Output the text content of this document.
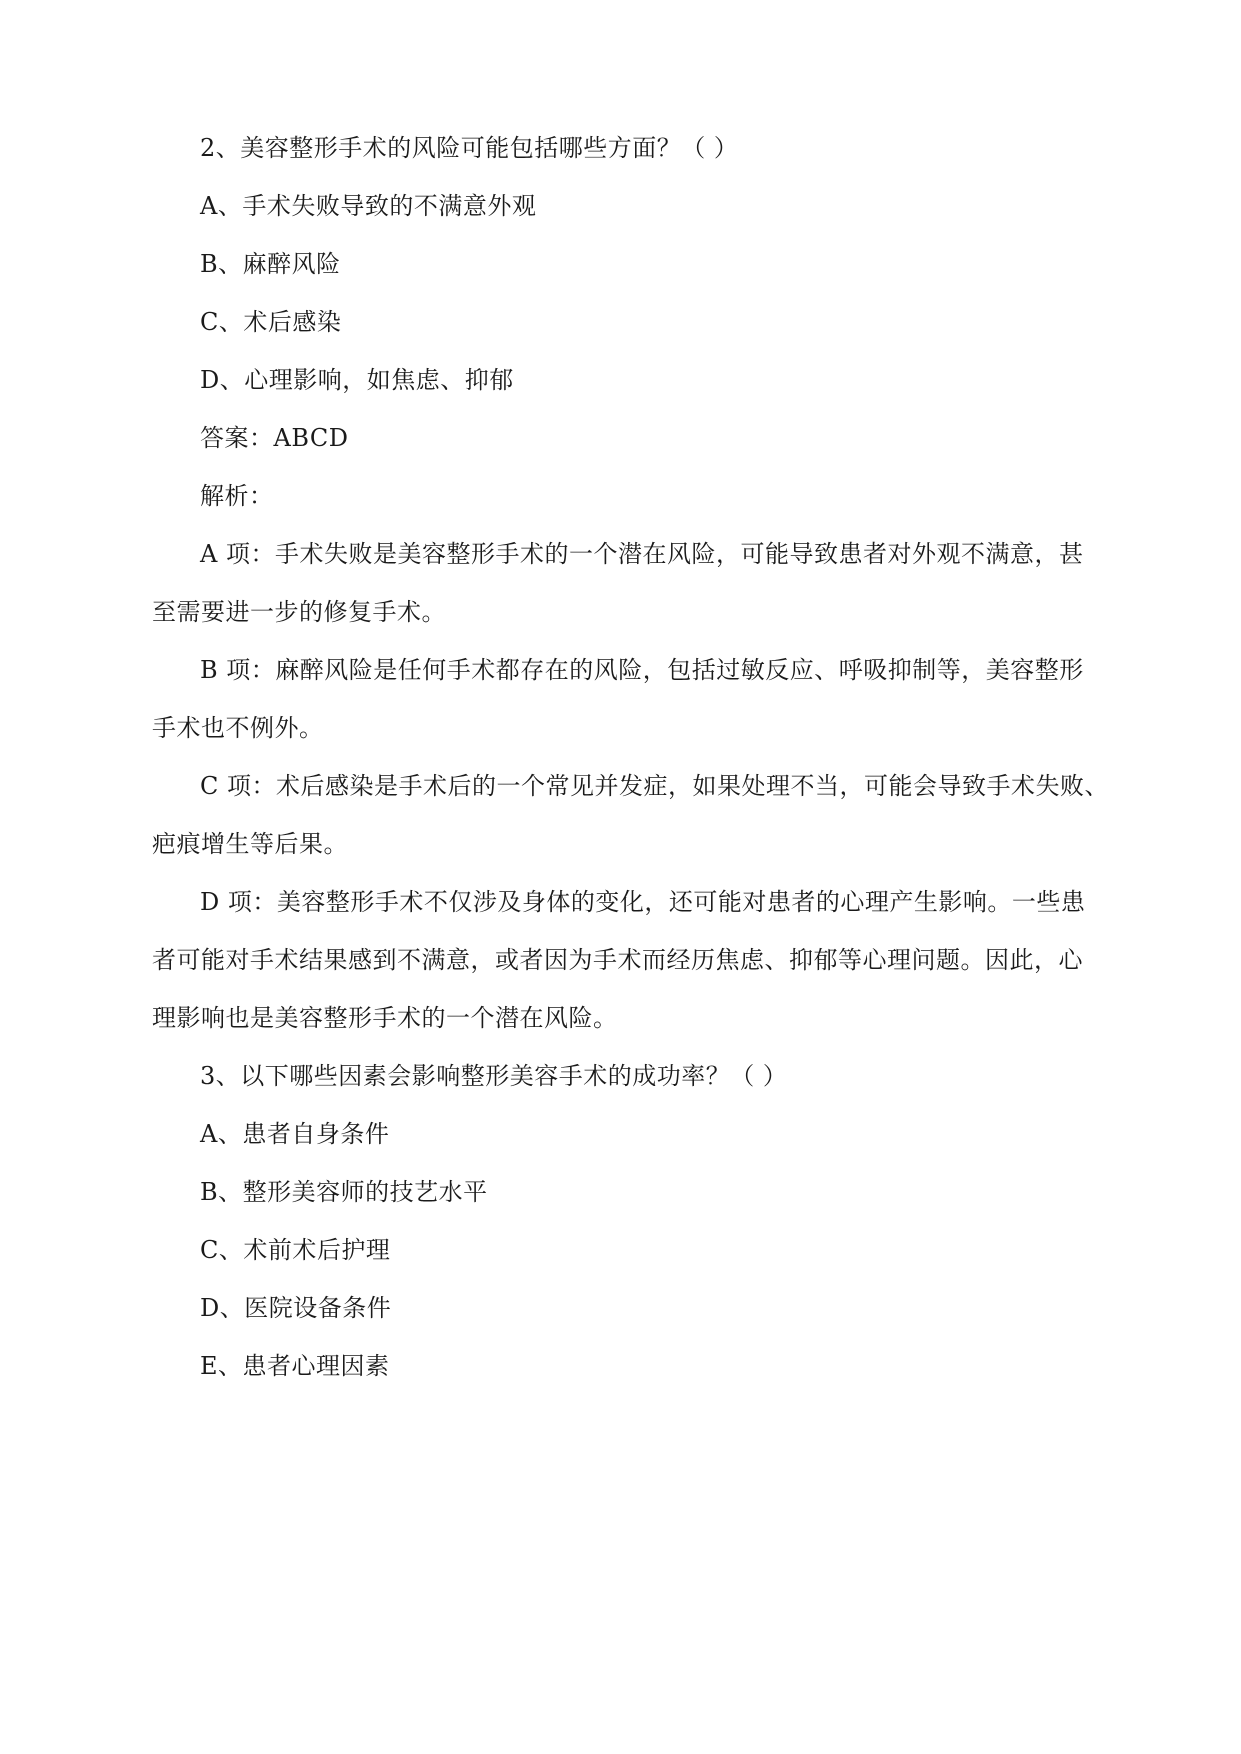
2、美容整形手术的风险可能包括哪些方面？（ ）
A、手术失败导致的不满意外观
B、麻醉风险
C、术后感染
D、心理影响，如焦虑、抑郁
答案：ABCD
解析：
A 项：手术失败是美容整形手术的一个潜在风险，可能导致患者对外观不满意，甚
至需要进一步的修复手术。
B 项：麻醉风险是任何手术都存在的风险，包括过敏反应、呼吸抑制等，美容整形
手术也不例外。
C 项：术后感染是手术后的一个常见并发症，如果处理不当，可能会导致手术失败、
疤痕增生等后果。
D 项：美容整形手术不仅涉及身体的变化，还可能对患者的心理产生影响。一些患
者可能对手术结果感到不满意，或者因为手术而经历焦虑、抑郁等心理问题。因此，心
理影响也是美容整形手术的一个潜在风险。
3、以下哪些因素会影响整形美容手术的成功率？（ ）
A、患者自身条件
B、整形美容师的技艺水平
C、术前术后护理
D、医院设备条件
E、患者心理因素
